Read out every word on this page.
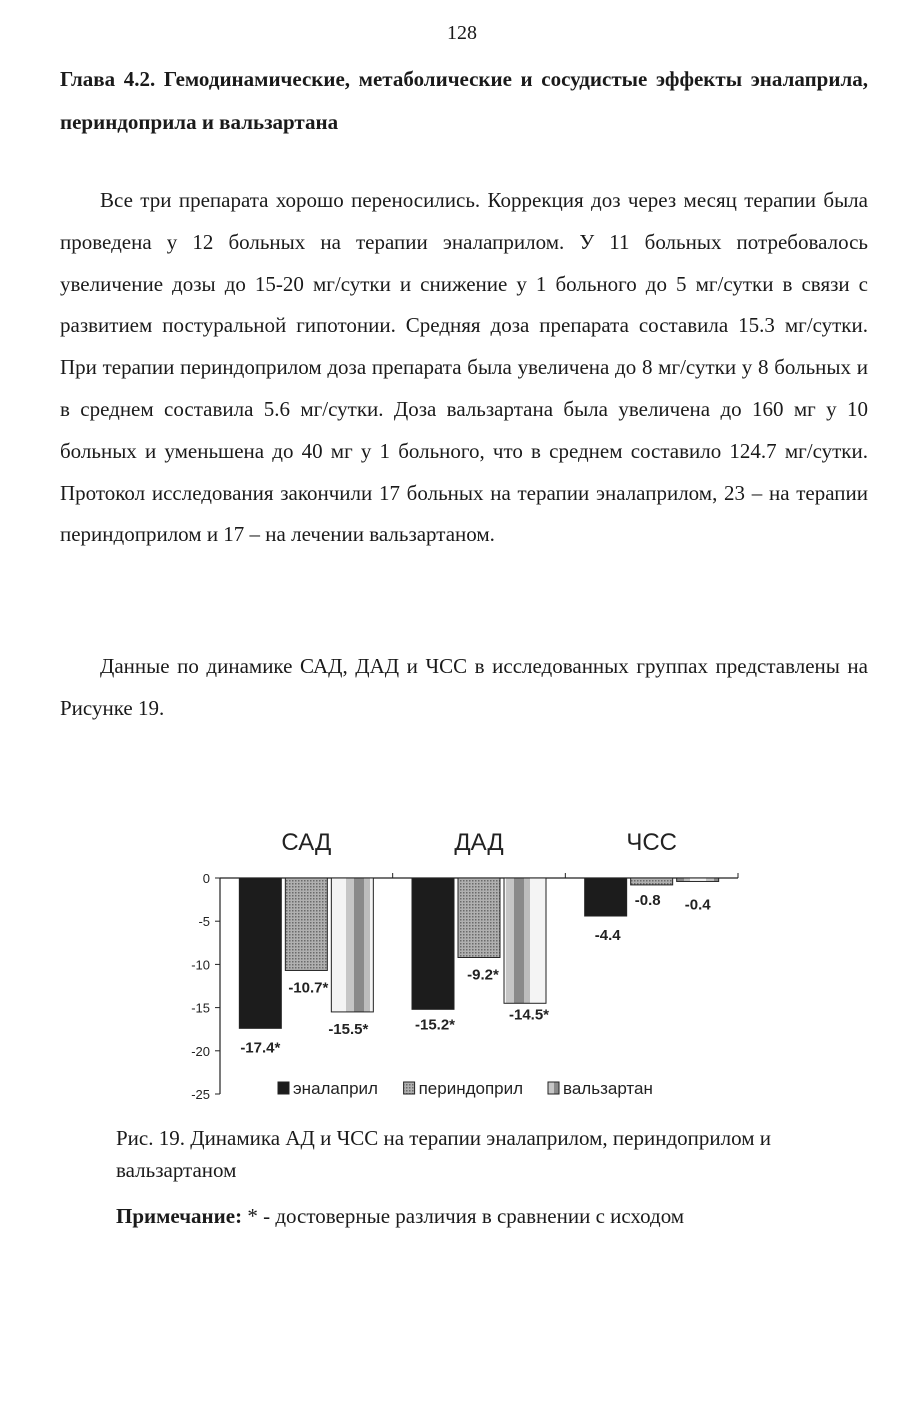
128
Глава 4.2. Гемодинамические, метаболические и сосудистые эффекты эналаприла, периндоприла и вальзартана

Все три препарата хорошо переносились. Коррекция доз через месяц терапии была проведена у 12 больных на терапии эналаприлом. У 11 больных потребовалось увеличение дозы до 15-20 мг/сутки и снижение у 1 больного до 5 мг/сутки в связи с развитием постуральной гипотонии. Средняя доза препарата составила 15.3 мг/сутки. При терапии периндоприлом доза препарата была увеличена до 8 мг/сутки у 8 больных и в среднем составила 5.6 мг/сутки. Доза вальзартана была увеличена до 160 мг у 10 больных и уменьшена до 40 мг у 1 больного, что в среднем составило 124.7 мг/сутки. Протокол исследования закончили 17 больных на терапии эналаприлом, 23 – на терапии периндоприлом и 17 – на лечении вальзартаном.

Данные по динамике САД, ДАД и ЧСС в исследованных группах представлены на Рисунке 19.

0
-5
-10
-15
-20
-25
САД
-17.4*
-10.7*
-15.5*
ДАД
-15.2*
-9.2*
-14.5*
ЧСС
-4.4
-0.8 -0.4
эналаприл периндоприл вальзартан
Рис. 19. Динамика АД и ЧСС на терапии эналаприлом, периндоприлом и вальзартаном
Примечание: * - достоверные различия в сравнении с исходом
